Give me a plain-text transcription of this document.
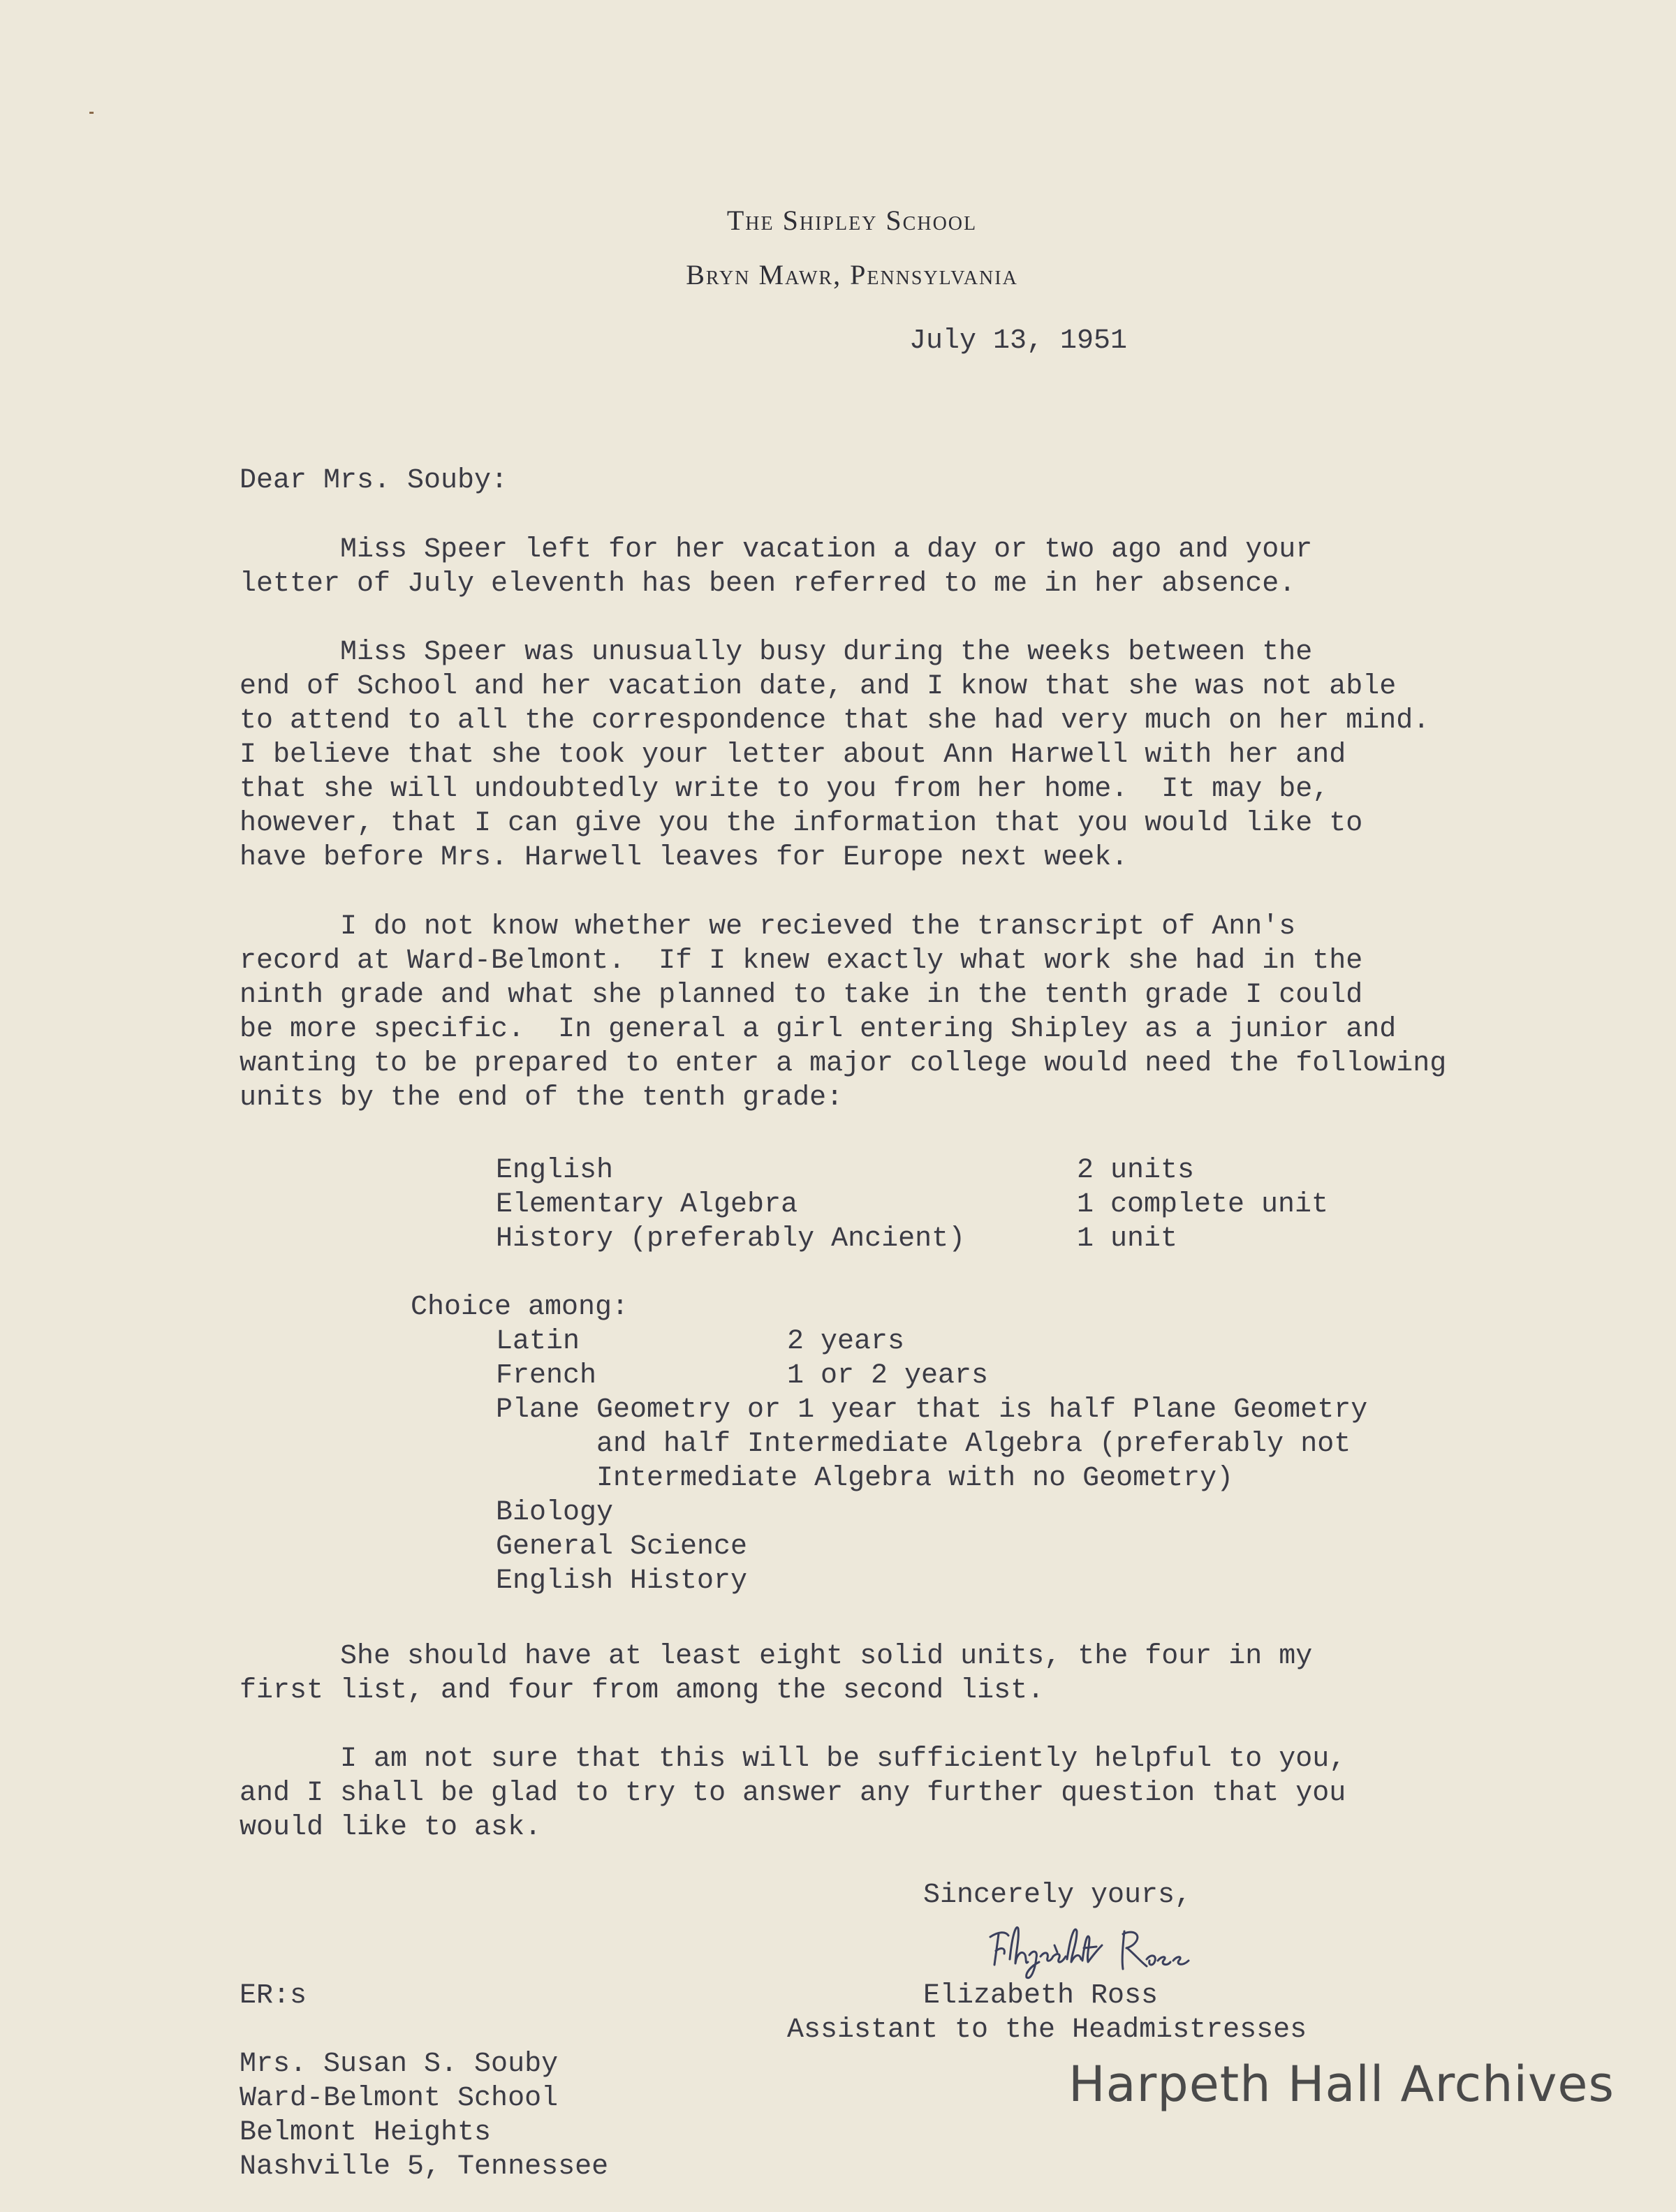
The Shipley School
Bryn Mawr, Pennsylvania
July 13, 1951
Dear Mrs. Souby:
Miss Speer left for her vacation a day or two ago and your
letter of July eleventh has been referred to me in her absence.
Miss Speer was unusually busy during the weeks between the
end of School and her vacation date, and I know that she was not able
to attend to all the correspondence that she had very much on her mind.
I believe that she took your letter about Ann Harwell with her and
that she will undoubtedly write to you from her home.  It may be,
however, that I can give you the information that you would like to
have before Mrs. Harwell leaves for Europe next week.
I do not know whether we recieved the transcript of Ann's
record at Ward-Belmont.  If I knew exactly what work she had in the
ninth grade and what she planned to take in the tenth grade I could
be more specific.  In general a girl entering Shipley as a junior and
wanting to be prepared to enter a major college would need the following
units by the end of the tenth grade:
English	2 units
Elementary Algebra	1 complete unit
History (preferably Ancient)	1 unit
Choice among:
Latin	2 years
French	1 or 2 years
Plane Geometry or 1 year that is half Plane Geometry
and half Intermediate Algebra (preferably not
Intermediate Algebra with no Geometry)
Biology
General Science
English History
She should have at least eight solid units, the four in my
first list, and four from among the second list.
I am not sure that this will be sufficiently helpful to you,
and I shall be glad to try to answer any further question that you
would like to ask.
Sincerely yours,
ER:s	Elizabeth Ross
Assistant to the Headmistresses
Mrs. Susan S. Souby
Ward-Belmont School
Belmont Heights
Nashville 5, Tennessee
Harpeth Hall Archives
